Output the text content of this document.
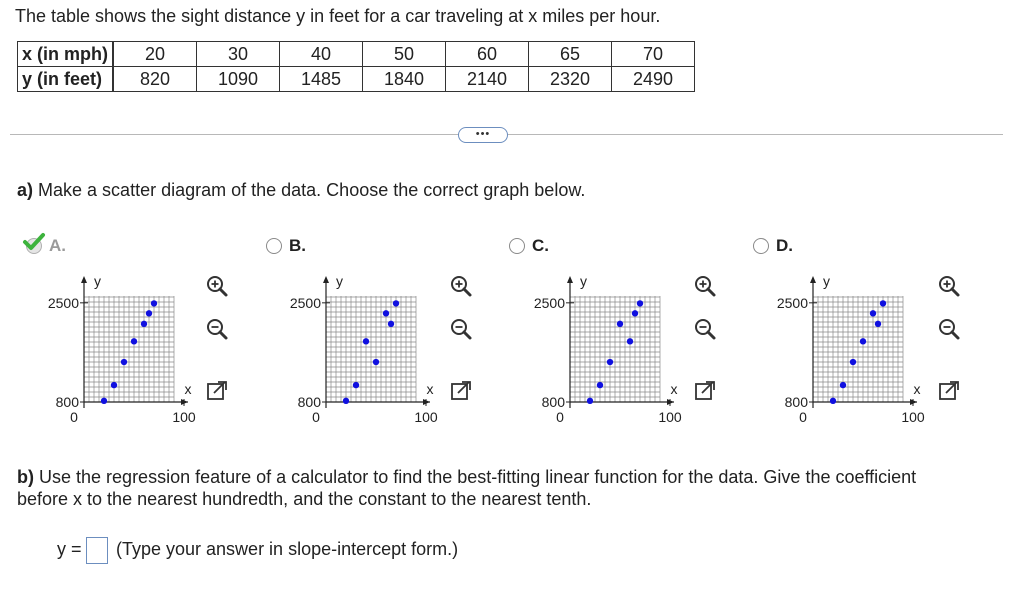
The table shows the sight distance y in feet for a car traveling at x miles per hour.
x (in mph)	20	30	40	50	60	65	70
y (in feet)	820	1090	1485	1840	2140	2320	2490
•••
a) Make a scatter diagram of the data. Choose the correct graph below.
A.	B.	C.	D.
2500
800
0	100
y
x
2500
800
0	100
y
x
2500
800
0	100
y
x
2500
800
0	100
y
x
b) Use the regression feature of a calculator to find the best-fitting linear function for the data. Give the coefficient before x to the nearest hundredth, and the constant to the nearest tenth.
y = (Type your answer in slope-intercept form.)
